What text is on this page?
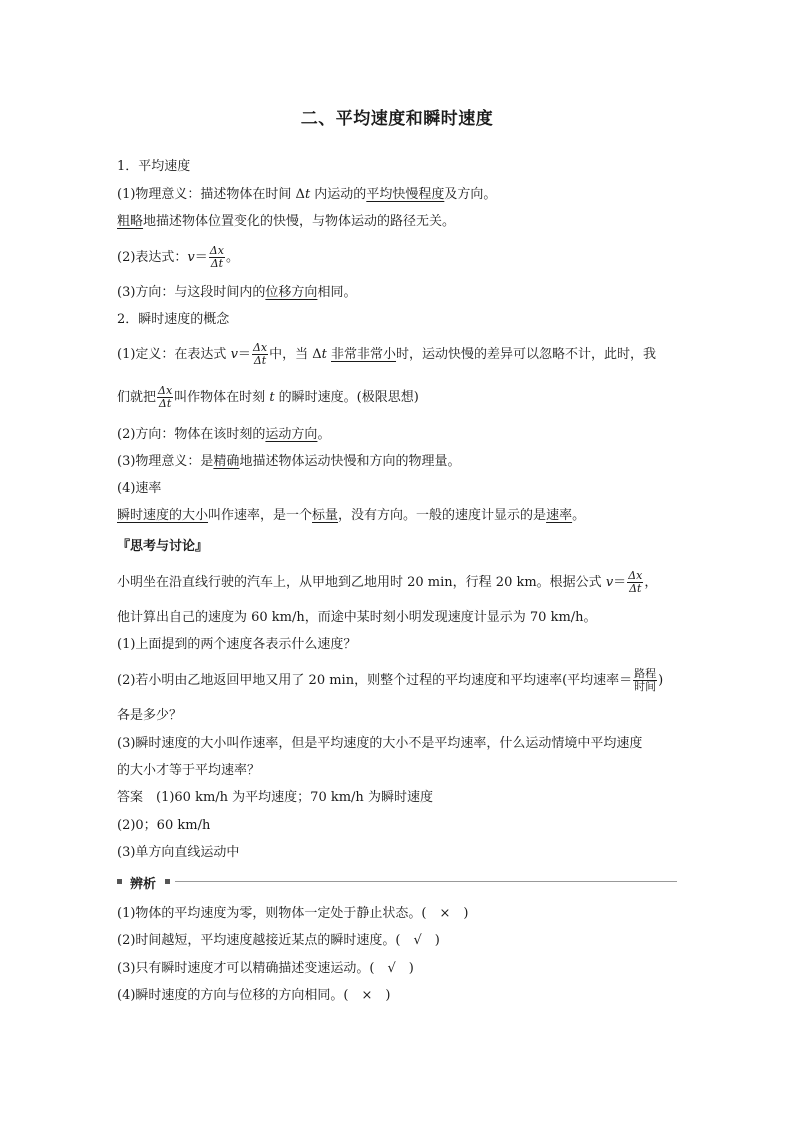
二、平均速度和瞬时速度
1．平均速度
(1)物理意义：描述物体在时间 Δt 内运动的平均快慢程度及方向。
粗略地描述物体位置变化的快慢，与物体运动的路径无关。
(2)表达式：$v= \frac{\Delta x}{\Delta t}$ 。
(3)方向：与这段时间内的位移方向相同。
2．瞬时速度的概念
(1)定义：在表达式 $v= \frac{\Delta x}{\Delta t}$ 中，当 Δt 非常非常小时，运动快慢的差异可以忽略不计，此时，我
们就把 $\frac{\Delta x}{\Delta t}$ 叫作物体在时刻 t 的瞬时速度。(极限思想)
(2)方向：物体在该时刻的运动方向。
(3)物理意义：是精确地描述物体运动快慢和方向的物理量。
(4)速率
瞬时速度的大小叫作速率，是一个标量，没有方向。一般的速度计显示的是速率。
『思考与讨论』
小明坐在沿直线行驶的汽车上，从甲地到乙地用时 20 min，行程 20 km。根据公式 $v= \frac{\Delta x}{\Delta t}$ ，
他计算出自己的速度为 60 km/h，而途中某时刻小明发现速度计显示为 70 km/h。
(1)上面提到的两个速度各表示什么速度？
(2)若小明由乙地返回甲地又用了 20 min，则整个过程的平均速度和平均速率(平均速率＝ $\frac{\text{路程}}{\text{时间}}$ )
各是多少？
(3)瞬时速度的大小叫作速率，但是平均速度的大小不是平均速率，什么运动情境中平均速度
的大小才等于平均速率？
答案　(1)60 km/h 为平均速度；70 km/h 为瞬时速度
(2)0；60 km/h
(3)单方向直线运动中
辨析
(1)物体的平均速度为零，则物体一定处于静止状态。(　×　)
(2)时间越短，平均速度越接近某点的瞬时速度。(　√　)
(3)只有瞬时速度才可以精确描述变速运动。(　√　)
(4)瞬时速度的方向与位移的方向相同。(　×　)
